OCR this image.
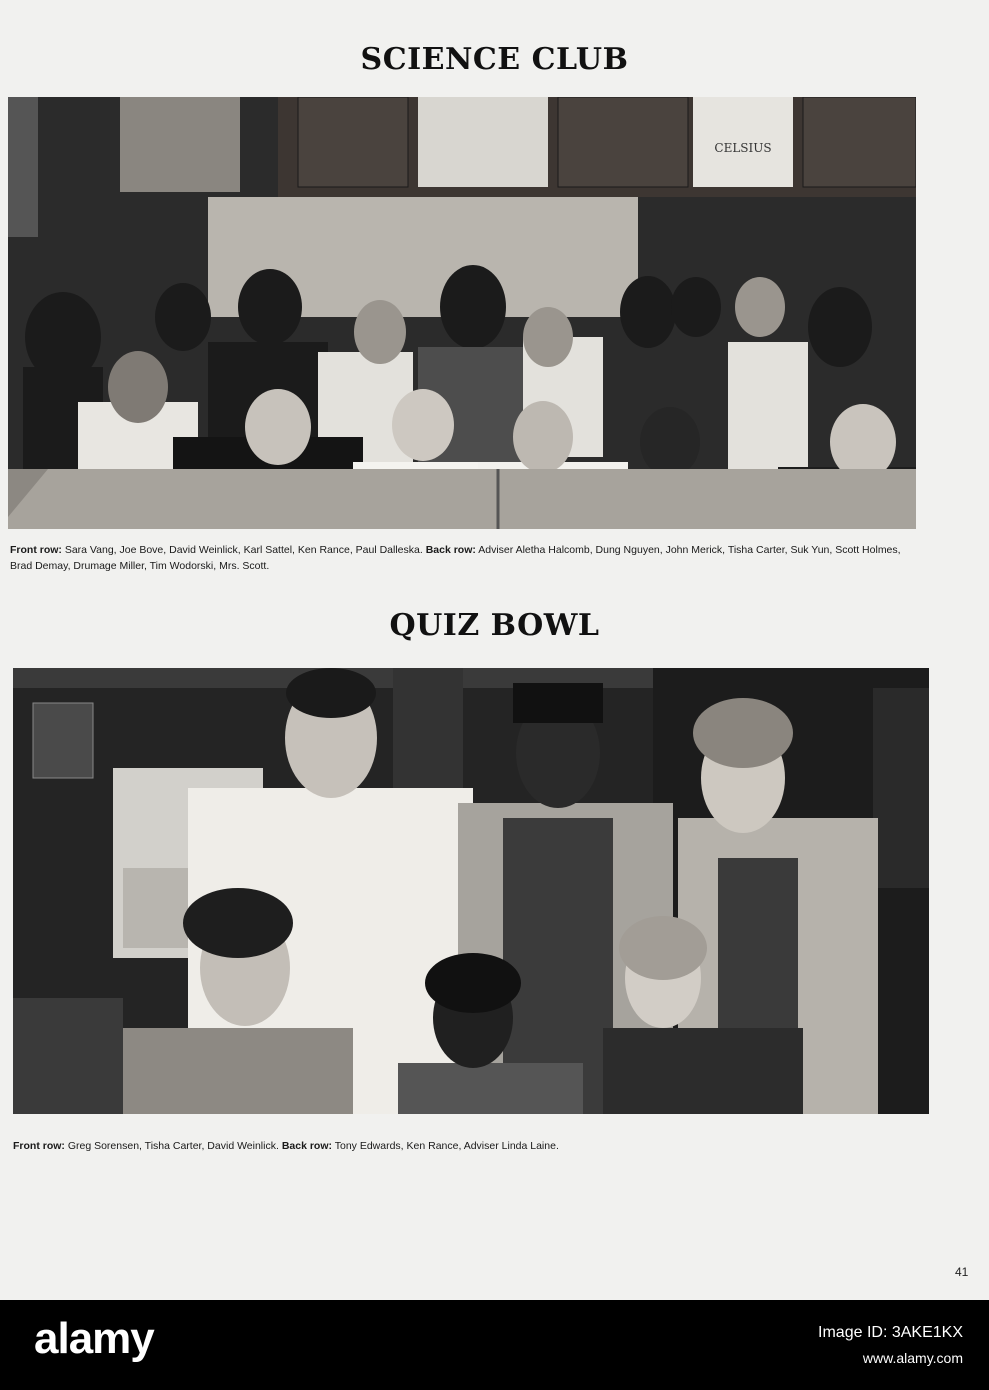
SCIENCE CLUB
CELSIUS
Front row: Sara Vang, Joe Bove, David Weinlick, Karl Sattel, Ken Rance, Paul Dalleska. Back row: Adviser Aletha Halcomb, Dung Nguyen, John Merick, Tisha Carter, Suk Yun, Scott Holmes, Brad Demay, Drumage Miller, Tim Wodorski, Mrs. Scott.
QUIZ BOWL
Front row: Greg Sorensen, Tisha Carter, David Weinlick. Back row: Tony Edwards, Ken Rance, Adviser Linda Laine.
41
alamy	Image ID: 3AKE1KX
www.alamy.com
